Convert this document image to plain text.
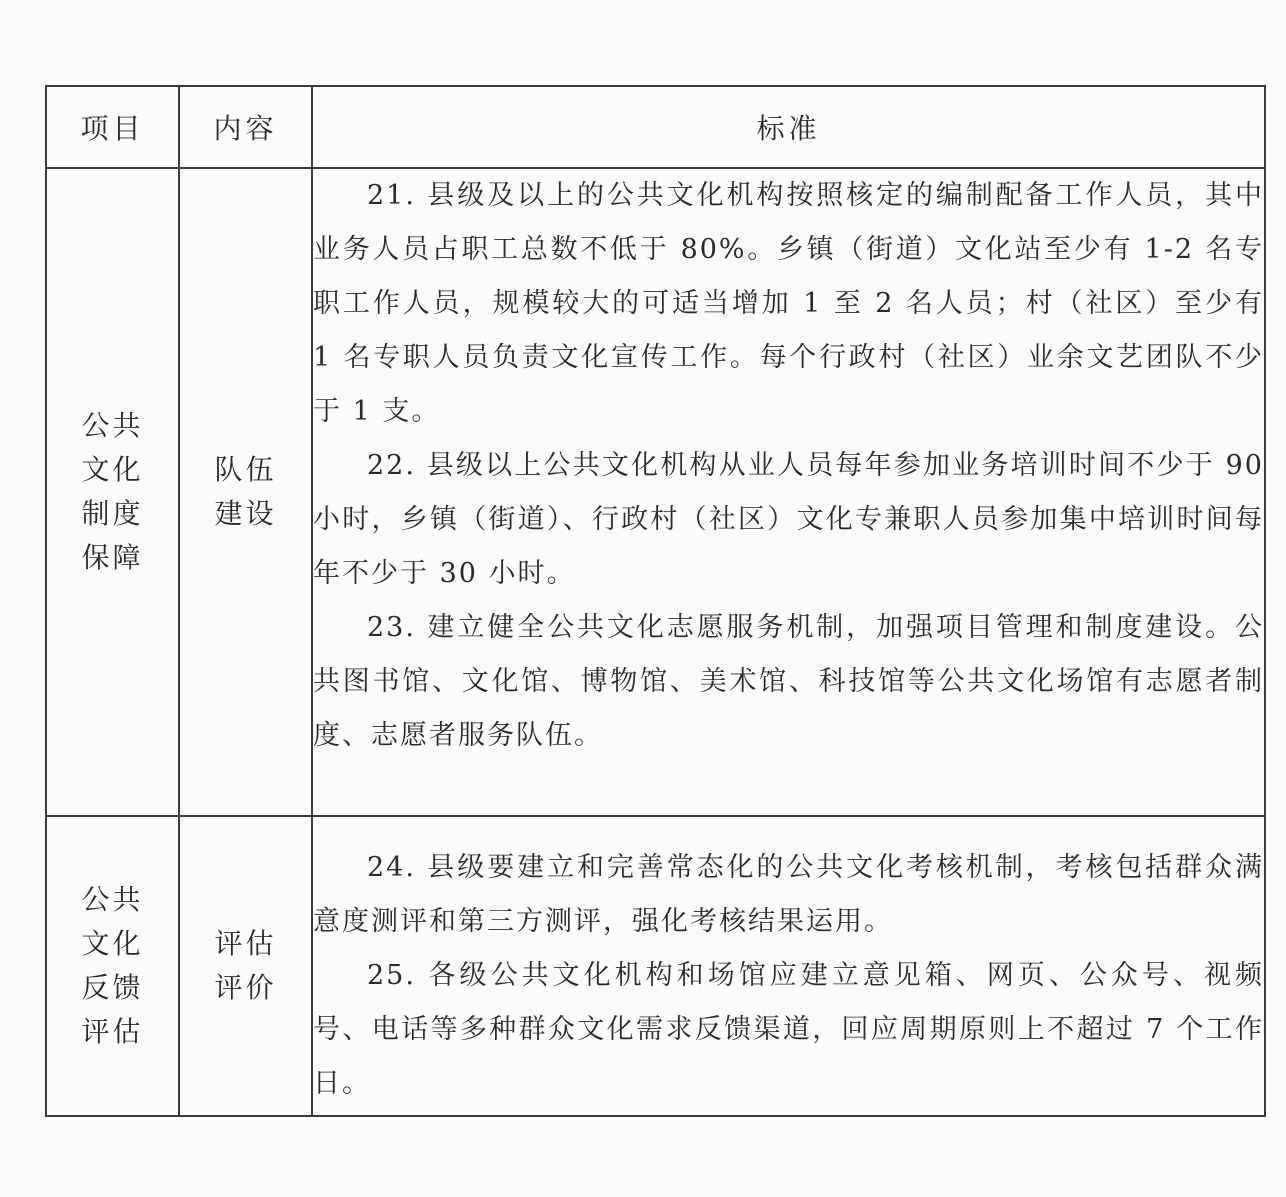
项目	内容	标准
公共文化制度保障	队伍建设	21. 县级及以上的公共文化机构按照核定的编制配备工作人员，其中业务人员占职工总数不低于 80%。乡镇（街道）文化站至少有 1-2 名专职工作人员，规模较大的可适当增加 1 至 2 名人员；村（社区）至少有 1 名专职人员负责文化宣传工作。每个行政村（社区）业余文艺团队不少于 1 支。

22. 县级以上公共文化机构从业人员每年参加业务培训时间不少于 90 小时，乡镇（街道）、行政村（社区）文化专兼职人员参加集中培训时间每年不少于 30 小时。

23. 建立健全公共文化志愿服务机制，加强项目管理和制度建设。公共图书馆、文化馆、博物馆、美术馆、科技馆等公共文化场馆有志愿者制度、志愿者服务队伍。

公共文化反馈评估	评估评价	24. 县级要建立和完善常态化的公共文化考核机制，考核包括群众满意度测评和第三方测评，强化考核结果运用。

25. 各级公共文化机构和场馆应建立意见箱、网页、公众号、视频号、电话等多种群众文化需求反馈渠道，回应周期原则上不超过 7 个工作日。
